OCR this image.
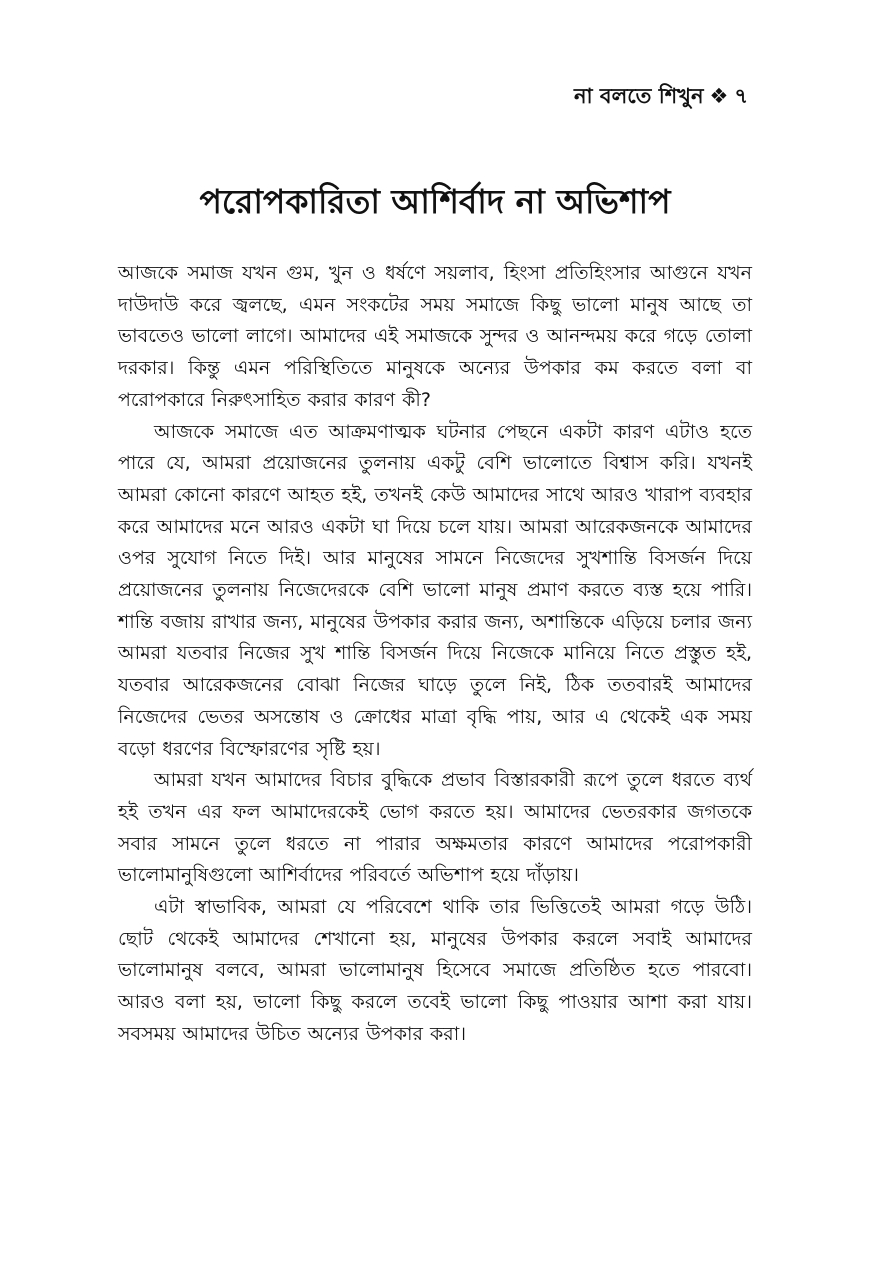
না বলতে শিখুন ❖ ৭
পরোপকারিতা আশির্বাদ না অভিশাপ

আজকে সমাজ যখন গুম, খুন ও ধর্ষণে সয়লাব, হিংসা প্রতিহিংসার আগুনে যখন দাউদাউ করে জ্বলছে, এমন সংকটের সময় সমাজে কিছু ভালো মানুষ আছে তা ভাবতেও ভালো লাগে। আমাদের এই সমাজকে সুন্দর ও আনন্দময় করে গড়ে তোলা দরকার। কিন্তু এমন পরিস্থিতিতে মানুষকে অন্যের উপকার কম করতে বলা বা পরোপকারে নিরুৎসাহিত করার কারণ কী?

আজকে সমাজে এত আক্রমণাত্মক ঘটনার পেছনে একটা কারণ এটাও হতে পারে যে, আমরা প্রয়োজনের তুলনায় একটু বেশি ভালোতে বিশ্বাস করি। যখনই আমরা কোনো কারণে আহত হই, তখনই কেউ আমাদের সাথে আরও খারাপ ব্যবহার করে আমাদের মনে আরও একটা ঘা দিয়ে চলে যায়। আমরা আরেকজনকে আমাদের ওপর সুযোগ নিতে দিই। আর মানুষের সামনে নিজেদের সুখশান্তি বিসর্জন দিয়ে প্রয়োজনের তুলনায় নিজেদেরকে বেশি ভালো মানুষ প্রমাণ করতে ব্যস্ত হয়ে পারি। শান্তি বজায় রাখার জন্য, মানুষের উপকার করার জন্য, অশান্তিকে এড়িয়ে চলার জন্য আমরা যতবার নিজের সুখ শান্তি বিসর্জন দিয়ে নিজেকে মানিয়ে নিতে প্রস্তুত হই, যতবার আরেকজনের বোঝা নিজের ঘাড়ে তুলে নিই, ঠিক ততবারই আমাদের নিজেদের ভেতর অসন্তোষ ও ক্রোধের মাত্রা বৃদ্ধি পায়, আর এ থেকেই এক সময় বড়ো ধরণের বিস্ফোরণের সৃষ্টি হয়।

আমরা যখন আমাদের বিচার বুদ্ধিকে প্রভাব বিস্তারকারী রূপে তুলে ধরতে ব্যর্থ হই তখন এর ফল আমাদেরকেই ভোগ করতে হয়। আমাদের ভেতরকার জগতকে সবার সামনে তুলে ধরতে না পারার অক্ষমতার কারণে আমাদের পরোপকারী ভালোমানুষিগুলো আশির্বাদের পরিবর্তে অভিশাপ হয়ে দাঁড়ায়।

এটা স্বাভাবিক, আমরা যে পরিবেশে থাকি তার ভিত্তিতেই আমরা গড়ে উঠি। ছোট থেকেই আমাদের শেখানো হয়, মানুষের উপকার করলে সবাই আমাদের ভালোমানুষ বলবে, আমরা ভালোমানুষ হিসেবে সমাজে প্রতিষ্ঠিত হতে পারবো। আরও বলা হয়, ভালো কিছু করলে তবেই ভালো কিছু পাওয়ার আশা করা যায়। সবসময় আমাদের উচিত অন্যের উপকার করা।
